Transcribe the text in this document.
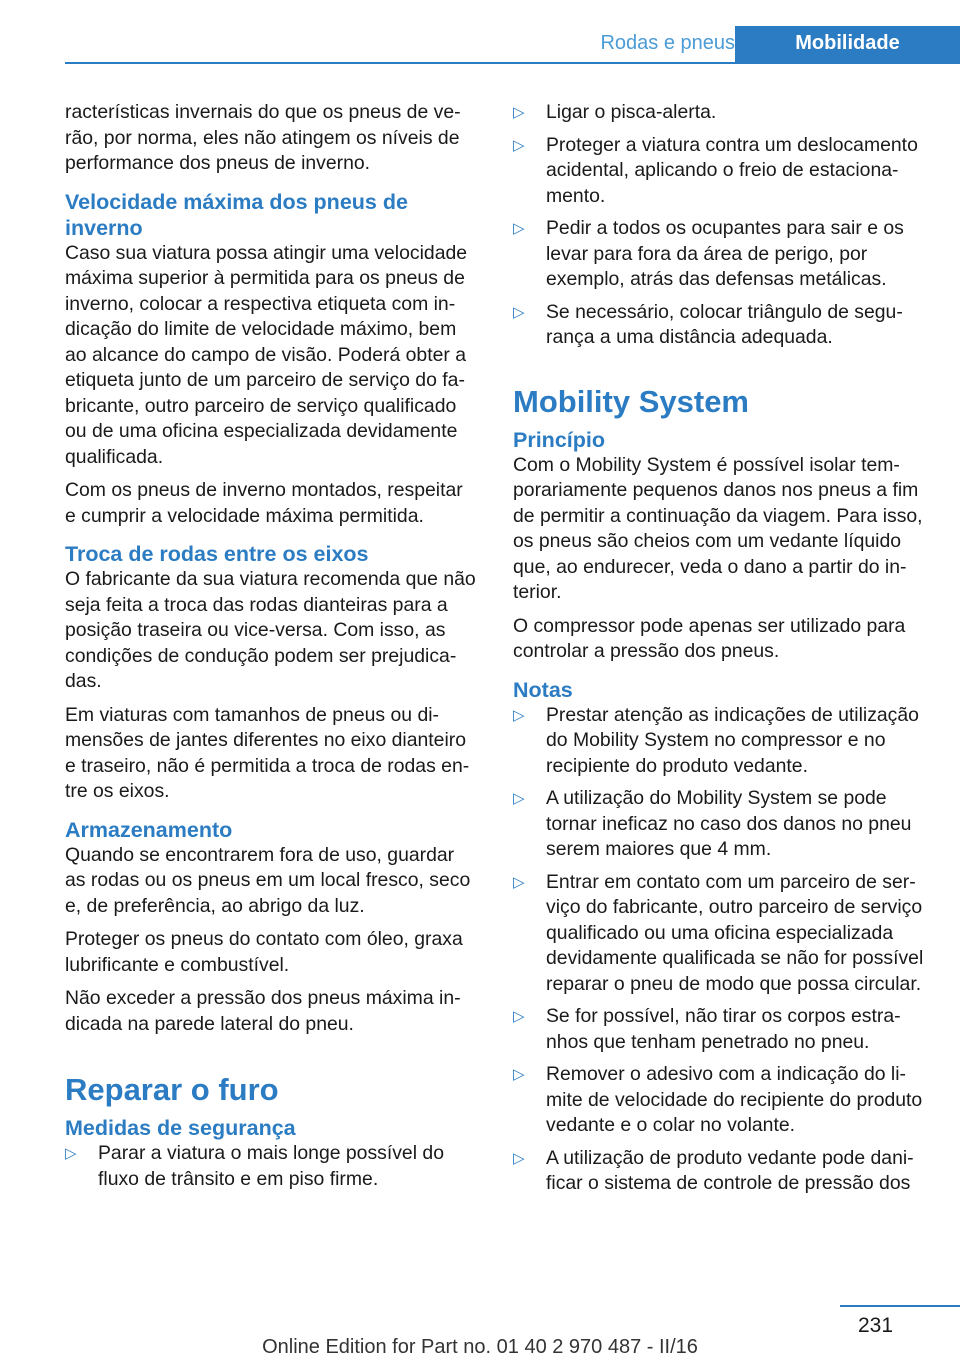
Rodas e pneus	Mobilidade

racterísticas invernais do que os pneus de verão, por norma, eles não atingem os níveis de performance dos pneus de inverno.

Velocidade máxima dos pneus de inverno

Caso sua viatura possa atingir uma velocidade máxima superior à permitida para os pneus de inverno, colocar a respectiva etiqueta com indicação do limite de velocidade máximo, bem ao alcance do campo de visão. Poderá obter a etiqueta junto de um parceiro de serviço do fabricante, outro parceiro de serviço qualificado ou de uma oficina especializada devidamente qualificada.

Com os pneus de inverno montados, respeitar e cumprir a velocidade máxima permitida.

Troca de rodas entre os eixos

O fabricante da sua viatura recomenda que não seja feita a troca das rodas dianteiras para a posição traseira ou vice-versa. Com isso, as condições de condução podem ser prejudicadas.

Em viaturas com tamanhos de pneus ou dimensões de jantes diferentes no eixo dianteiro e traseiro, não é permitida a troca de rodas entre os eixos.

Armazenamento

Quando se encontrarem fora de uso, guardar as rodas ou os pneus em um local fresco, seco e, de preferência, ao abrigo da luz.

Proteger os pneus do contato com óleo, graxa lubrificante e combustível.

Não exceder a pressão dos pneus máxima indicada na parede lateral do pneu.

Reparar o furo
Medidas de segurança
▷ Parar a viatura o mais longe possível do fluxo de trânsito e em piso firme.
▷ Ligar o pisca-alerta.
▷ Proteger a viatura contra um deslocamento acidental, aplicando o freio de estacionamento.
▷ Pedir a todos os ocupantes para sair e os levar para fora da área de perigo, por exemplo, atrás das defensas metálicas.
▷ Se necessário, colocar triângulo de segurança a uma distância adequada.
Mobility System
Princípio

Com o Mobility System é possível isolar temporariamente pequenos danos nos pneus a fim de permitir a continuação da viagem. Para isso, os pneus são cheios com um vedante líquido que, ao endurecer, veda o dano a partir do interior.

O compressor pode apenas ser utilizado para controlar a pressão dos pneus.

Notas
▷ Prestar atenção as indicações de utilização do Mobility System no compressor e no recipiente do produto vedante.
▷ A utilização do Mobility System se pode tornar ineficaz no caso dos danos no pneu serem maiores que 4 mm.
▷ Entrar em contato com um parceiro de serviço do fabricante, outro parceiro de serviço qualificado ou uma oficina especializada devidamente qualificada se não for possível reparar o pneu de modo que possa circular.
▷ Se for possível, não tirar os corpos estranhos que tenham penetrado no pneu.
▷ Remover o adesivo com a indicação do limite de velocidade do recipiente do produto vedante e o colar no volante.
▷ A utilização de produto vedante pode danificar o sistema de controle de pressão dos
231
Online Edition for Part no. 01 40 2 970 487 - II/16
